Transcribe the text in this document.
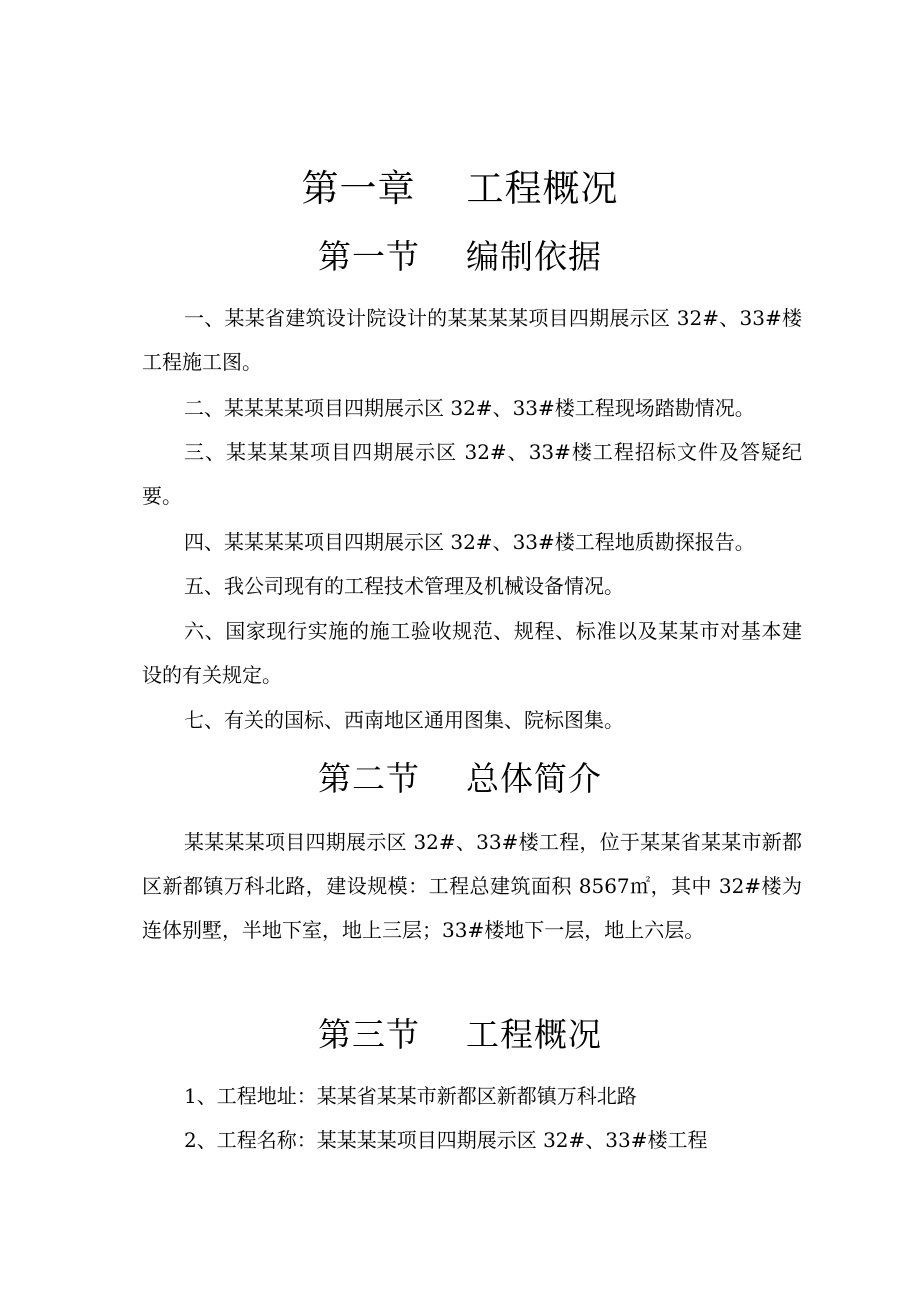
第一章    工程概况
第一节    编制依据

一、某某省建筑设计院设计的某某某某项目四期展示区 32#、33#楼工程施工图。

二、某某某某项目四期展示区 32#、33#楼工程现场踏勘情况。

三、某某某某项目四期展示区 32#、33#楼工程招标文件及答疑纪要。

四、某某某某项目四期展示区 32#、33#楼工程地质勘探报告。

五、我公司现有的工程技术管理及机械设备情况。

六、国家现行实施的施工验收规范、规程、标准以及某某市对基本建设的有关规定。

七、有关的国标、西南地区通用图集、院标图集。

第二节    总体简介

某某某某项目四期展示区 32#、33#楼工程，位于某某省某某市新都区新都镇万科北路，建设规模：工程总建筑面积 8567㎡，其中 32#楼为连体别墅，半地下室，地上三层；33#楼地下一层，地上六层。

第三节    工程概况

1、工程地址：某某省某某市新都区新都镇万科北路

2、工程名称：某某某某项目四期展示区 32#、33#楼工程
